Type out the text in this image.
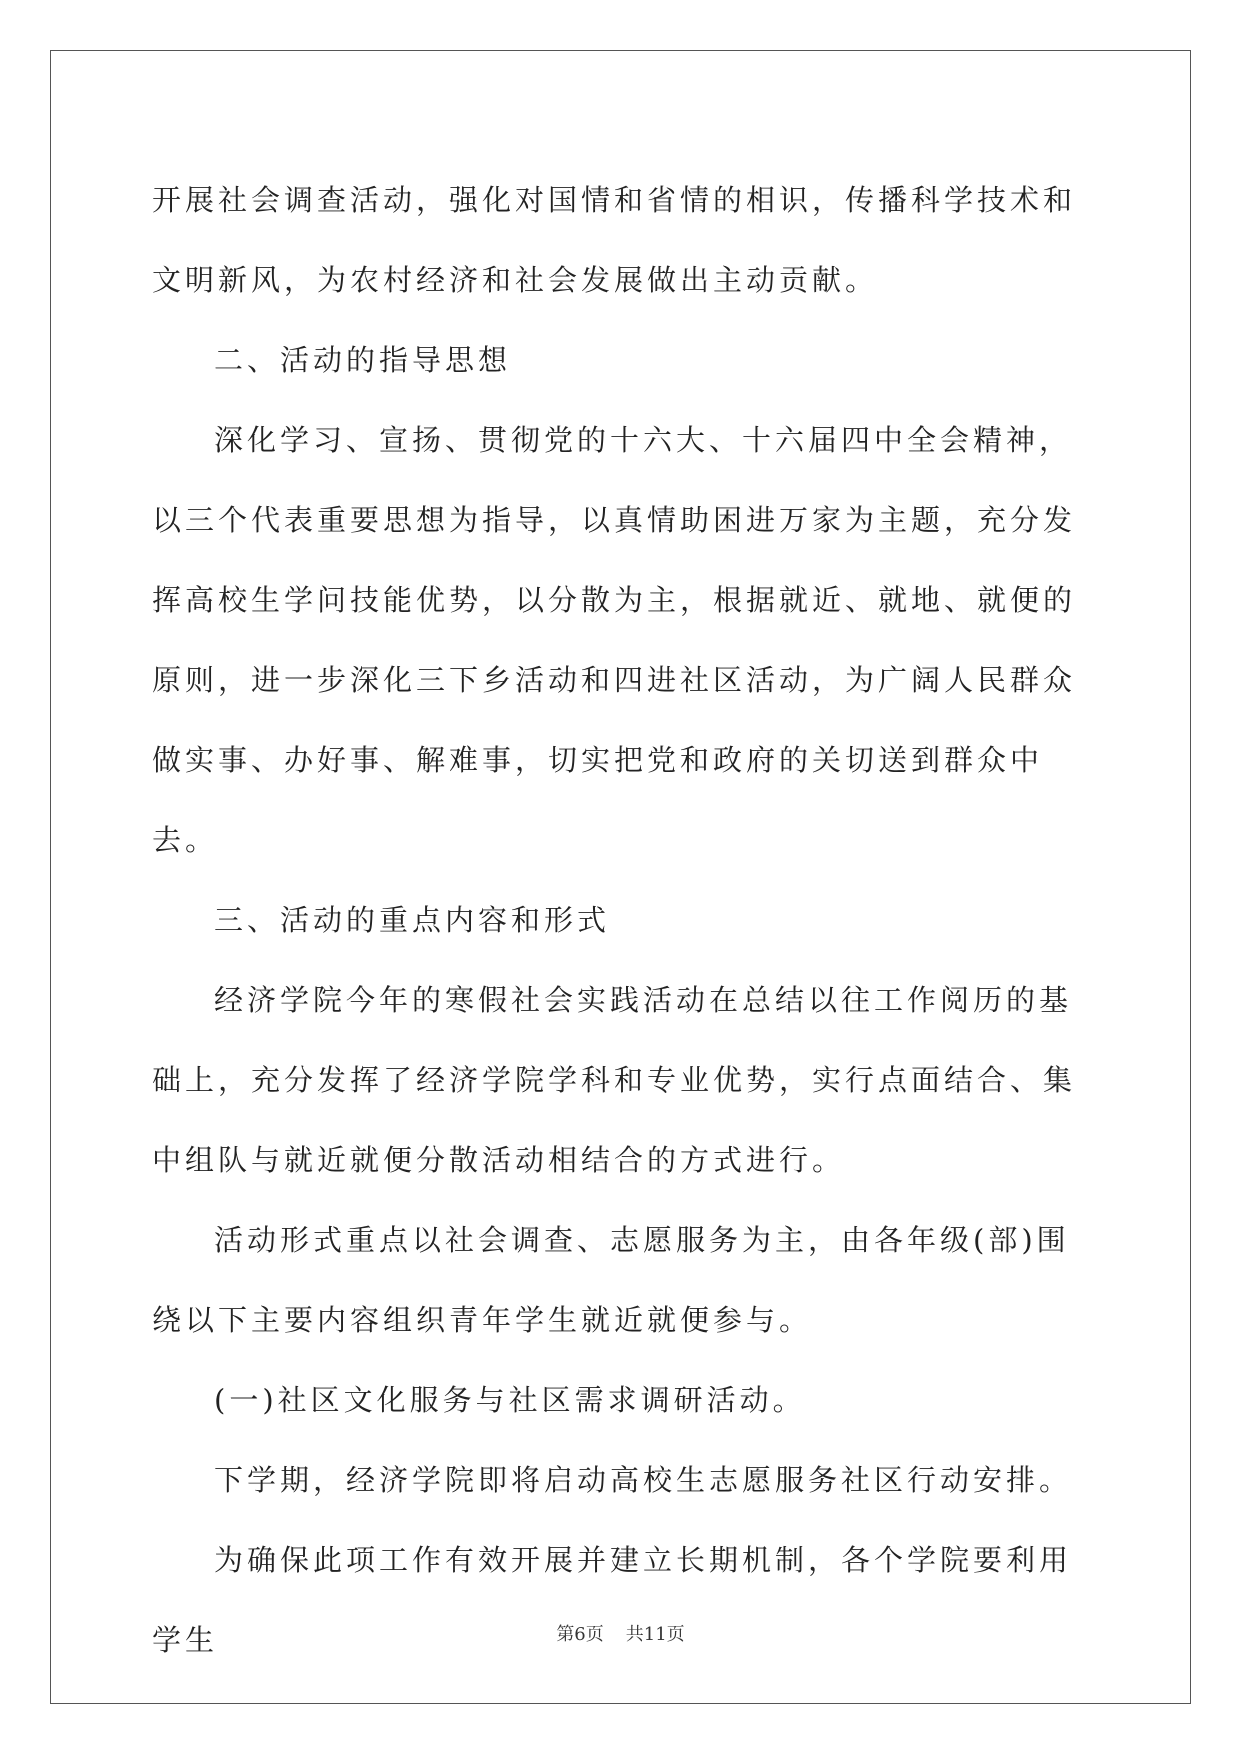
开展社会调查活动，强化对国情和省情的相识，传播科学技术和文明新风，为农村经济和社会发展做出主动贡献。

二、活动的指导思想

深化学习、宣扬、贯彻党的十六大、十六届四中全会精神，以三个代表重要思想为指导，以真情助困进万家为主题，充分发挥高校生学问技能优势，以分散为主，根据就近、就地、就便的原则，进一步深化三下乡活动和四进社区活动，为广阔人民群众做实事、办好事、解难事，切实把党和政府的关切送到群众中去。

三、活动的重点内容和形式

经济学院今年的寒假社会实践活动在总结以往工作阅历的基础上，充分发挥了经济学院学科和专业优势，实行点面结合、集中组队与就近就便分散活动相结合的方式进行。

活动形式重点以社会调查、志愿服务为主，由各年级(部)围绕以下主要内容组织青年学生就近就便参与。

(一)社区文化服务与社区需求调研活动。

下学期，经济学院即将启动高校生志愿服务社区行动安排。

为确保此项工作有效开展并建立长期机制，各个学院要利用学生	第6页 共11页
